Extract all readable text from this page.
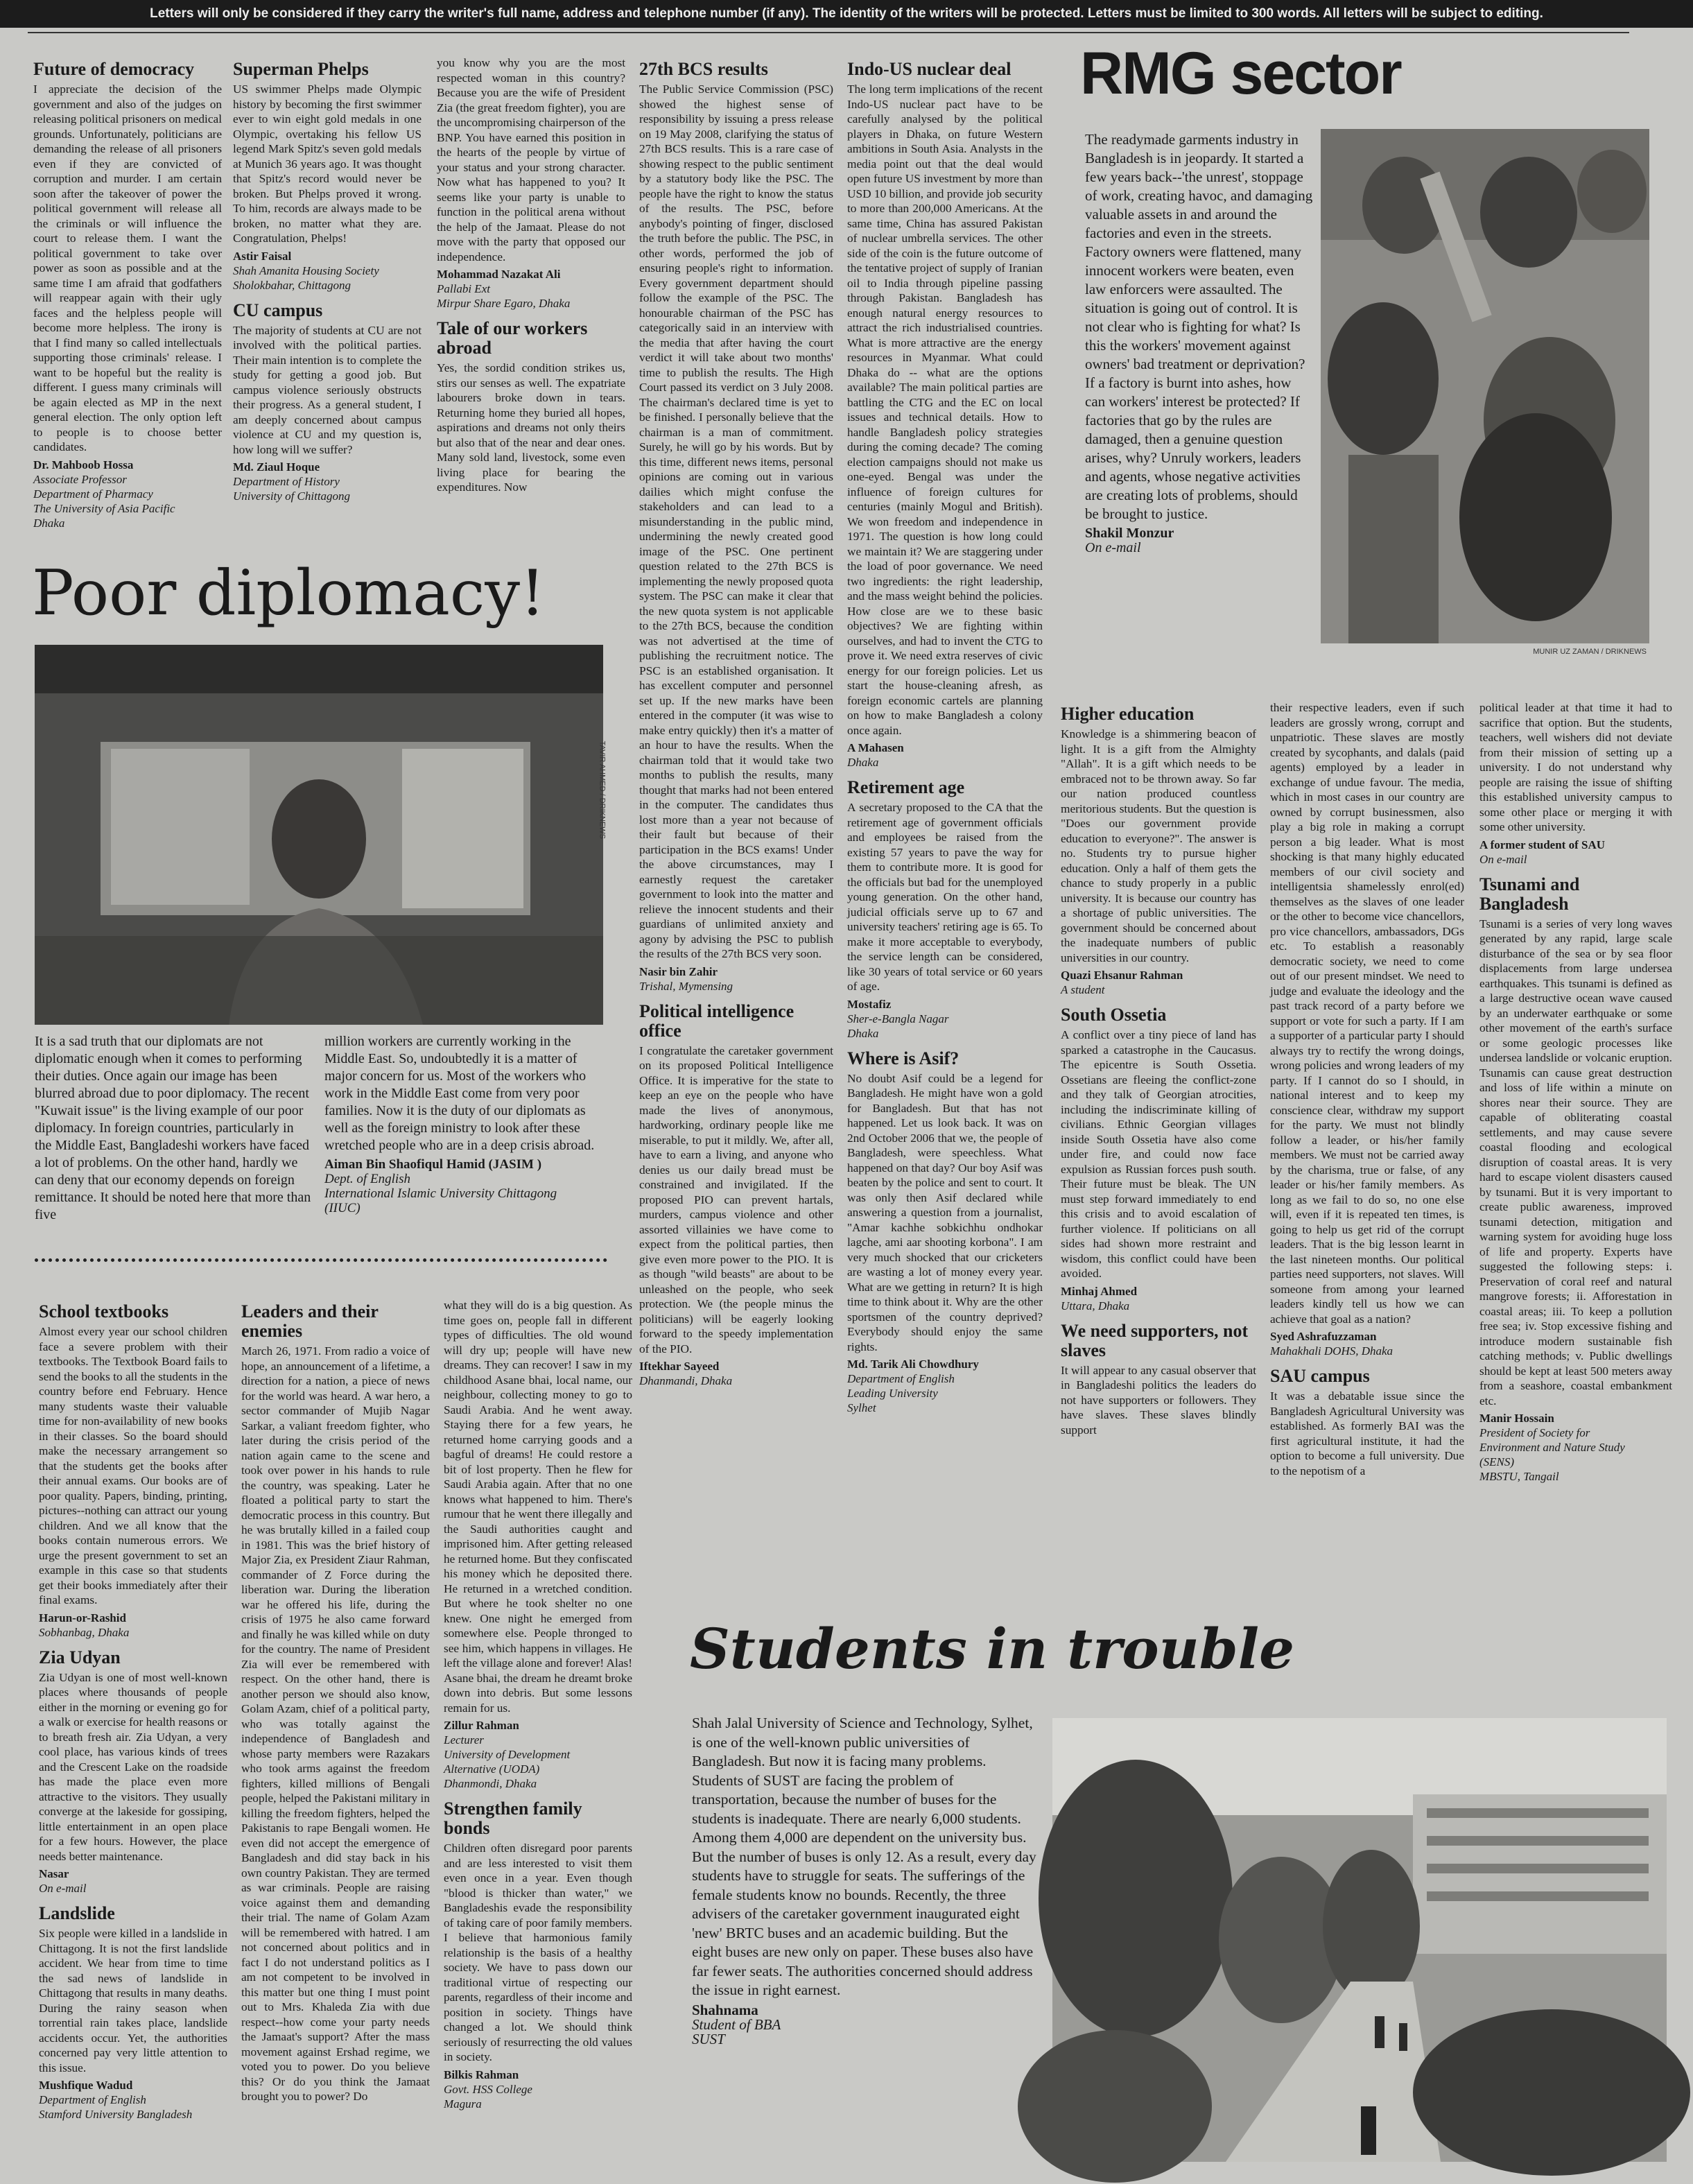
Letters will only be considered if they carry the writer's full name, address and telephone number (if any). The identity of the writers will be protected. Letters must be limited to 300 words. All letters will be subject to editing.
Future of democracy
I appreciate the decision of the government and also of the judges on releasing political prisoners on medical grounds. Unfortunately, politicians are demanding the release of all prisoners even if they are convicted of corruption and murder. I am certain soon after the takeover of power the political government will release all the criminals or will influence the court to release them. I want the political government to take over power as soon as possible and at the same time I am afraid that godfathers will reappear again with their ugly faces and the helpless people will become more helpless. The irony is that I find many so called intellectuals supporting those criminals' release. I want to be hopeful but the reality is different. I guess many criminals will be again elected as MP in the next general election. The only option left to people is to choose better candidates.
Dr. Mahboob Hossa
Associate Professor
Department of Pharmacy
The University of Asia Pacific
Dhaka
Superman Phelps
US swimmer Phelps made Olympic history by becoming the first swimmer ever to win eight gold medals in one Olympic, overtaking his fellow US legend Mark Spitz's seven gold medals at Munich 36 years ago. It was thought that Spitz's record would never be broken. But Phelps proved it wrong. To him, records are always made to be broken, no matter what they are. Congratulation, Phelps!
Astir Faisal
Shah Amanita Housing Society
Sholokbahar, Chittagong
CU campus
The majority of students at CU are not involved with the political parties. Their main intention is to complete the study for getting a good job. But campus violence seriously obstructs their progress. As a general student, I am deeply concerned about campus violence at CU and my question is, how long will we suffer?
Md. Ziaul Hoque
Department of History
University of Chittagong
you know why you are the most respected woman in this country? Because you are the wife of President Zia (the great freedom fighter), you are the uncompromising chairperson of the BNP. You have earned this position in the hearts of the people by virtue of your status and your strong character. Now what has happened to you? It seems like your party is unable to function in the political arena without the help of the Jamaat. Please do not move with the party that opposed our independence.
Mohammad Nazakat Ali
Pallabi Ext
Mirpur Share Egaro, Dhaka
Tale of our workers abroad
Yes, the sordid condition strikes us, stirs our senses as well. The expatriate labourers broke down in tears. Returning home they buried all hopes, aspirations and dreams not only theirs but also that of the near and dear ones. Many sold land, livestock, some even living place for bearing the expenditures. Now
27th BCS results
The Public Service Commission (PSC) showed the highest sense of responsibility by issuing a press release on 19 May 2008, clarifying the status of 27th BCS results. This is a rare case of showing respect to the public sentiment by a statutory body like the PSC. The people have the right to know the status of the results. The PSC, before anybody's pointing of finger, disclosed the truth before the public. The PSC, in other words, performed the job of ensuring people's right to information. Every government department should follow the example of the PSC. The honourable chairman of the PSC has categorically said in an interview with the media that after having the court verdict it will take about two months' time to publish the results. The High Court passed its verdict on 3 July 2008. The chairman's declared time is yet to be finished. I personally believe that the chairman is a man of commitment. Surely, he will go by his words. But by this time, different news items, personal opinions are coming out in various dailies which might confuse the stakeholders and can lead to a misunderstanding in the public mind, undermining the newly created good image of the PSC. One pertinent question related to the 27th BCS is implementing the newly proposed quota system. The PSC can make it clear that the new quota system is not applicable to the 27th BCS, because the condition was not advertised at the time of publishing the recruitment notice. The PSC is an established organisation. It has excellent computer and personnel set up. If the new marks have been entered in the computer (it was wise to make entry quickly) then it's a matter of an hour to have the results. When the chairman told that it would take two months to publish the results, many thought that marks had not been entered in the computer. The candidates thus lost more than a year not because of their fault but because of their participation in the BCS exams! Under the above circumstances, may I earnestly request the caretaker government to look into the matter and relieve the innocent students and their guardians of unlimited anxiety and agony by advising the PSC to publish the results of the 27th BCS very soon.
Nasir bin Zahir
Trishal, Mymensing
Political intelligence office
I congratulate the caretaker government on its proposed Political Intelligence Office. It is imperative for the state to keep an eye on the people who have made the lives of anonymous, hardworking, ordinary people like me miserable, to put it mildly. We, after all, have to earn a living, and anyone who denies us our daily bread must be constrained and invigilated. If the proposed PIO can prevent hartals, murders, campus violence and other assorted villainies we have come to expect from the political parties, then give even more power to the PIO. It is as though "wild beasts" are about to be unleashed on the people, who seek protection. We (the people minus the politicians) will be eagerly looking forward to the speedy implementation of the PIO.
Iftekhar Sayeed
Dhanmandi, Dhaka
Indo-US nuclear deal
The long term implications of the recent Indo-US nuclear pact have to be carefully analysed by the political players in Dhaka, on future Western ambitions in South Asia. Analysts in the media point out that the deal would open future US investment by more than USD 10 billion, and provide job security to more than 200,000 Americans. At the same time, China has assured Pakistan of nuclear umbrella services. The other side of the coin is the future outcome of the tentative project of supply of Iranian oil to India through pipeline passing through Pakistan. Bangladesh has enough natural energy resources to attract the rich industrialised countries. What is more attractive are the energy resources in Myanmar. What could Dhaka do -- what are the options available? The main political parties are battling the CTG and the EC on local issues and technical details. How to handle Bangladesh policy strategies during the coming decade? The coming election campaigns should not make us one-eyed. Bengal was under the influence of foreign cultures for centuries (mainly Mogul and British). We won freedom and independence in 1971. The question is how long could we maintain it? We are staggering under the load of poor governance. We need two ingredients: the right leadership, and the mass weight behind the policies. How close are we to these basic objectives? We are fighting within ourselves, and had to invent the CTG to prove it. We need extra reserves of civic energy for our foreign policies. Let us start the house-cleaning afresh, as foreign economic cartels are planning on how to make Bangladesh a colony once again.
A Mahasen
Dhaka
Retirement age
A secretary proposed to the CA that the retirement age of government officials and employees be raised from the existing 57 years to pave the way for them to contribute more. It is good for the officials but bad for the unemployed young generation. On the other hand, judicial officials serve up to 67 and university teachers' retiring age is 65. To make it more acceptable to everybody, the service length can be considered, like 30 years of total service or 60 years of age.
Mostafiz
Sher-e-Bangla Nagar
Dhaka
Where is Asif?
No doubt Asif could be a legend for Bangladesh. He might have won a gold for Bangladesh. But that has not happened. Let us look back. It was on 2nd October 2006 that we, the people of Bangladesh, were speechless. What happened on that day? Our boy Asif was beaten by the police and sent to court. It was only then Asif declared while answering a question from a journalist, "Amar kachhe sobkichhu ondhokar lagche, ami aar shooting korbona". I am very much shocked that our cricketers are wasting a lot of money every year. What are we getting in return? It is high time to think about it. Why are the other sportsmen of the country deprived? Everybody should enjoy the same rights.
Md. Tarik Ali Chowdhury
Department of English
Leading University
Sylhet
RMG sector
The readymade garments industry in Bangladesh is in jeopardy. It started a few years back--'the unrest', stoppage of work, creating havoc, and damaging valuable assets in and around the factories and even in the streets. Factory owners were flattened, many innocent workers were beaten, even law enforcers were assaulted. The situation is going out of control. It is not clear who is fighting for what? Is this the workers' movement against owners' bad treatment or deprivation? If a factory is burnt into ashes, how can workers' interest be protected? If factories that go by the rules are damaged, then a genuine question arises, why? Unruly workers, leaders and agents, whose negative activities are creating lots of problems, should be brought to justice.
Shakil Monzur
On e-mail
MUNIR UZ ZAMAN / DRIKNEWS
Poor diplomacy!
TAVIR AHMED / DRIKNEWS
It is a sad truth that our diplomats are not diplomatic enough when it comes to performing their duties. Once again our image has been blurred abroad due to poor diplomacy. The recent "Kuwait issue" is the living example of our poor diplomacy. In foreign countries, particularly in the Middle East, Bangladeshi workers have faced a lot of problems. On the other hand, hardly we can deny that our economy depends on foreign remittance. It should be noted here that more than five
million workers are currently working in the Middle East. So, undoubtedly it is a matter of major concern for us. Most of the workers who work in the Middle East come from very poor families. Now it is the duty of our diplomats as well as the foreign ministry to look after these wretched people who are in a deep crisis abroad.
Aiman Bin Shaofiqul Hamid (JASIM )
Dept. of English
International Islamic University Chittagong
(IIUC)
Higher education
Knowledge is a shimmering beacon of light. It is a gift from the Almighty "Allah". It is a gift which needs to be embraced not to be thrown away. So far our nation produced countless meritorious students. But the question is "Does our government provide education to everyone?". The answer is no. Students try to pursue higher education. Only a half of them gets the chance to study properly in a public university. It is because our country has a shortage of public universities. The government should be concerned about the inadequate numbers of public universities in our country.
Quazi Ehsanur Rahman
A student
South Ossetia
A conflict over a tiny piece of land has sparked a catastrophe in the Caucasus. The epicentre is South Ossetia. Ossetians are fleeing the conflict-zone and they talk of Georgian atrocities, including the indiscriminate killing of civilians. Ethnic Georgian villages inside South Ossetia have also come under fire, and could now face expulsion as Russian forces push south. Their future must be bleak. The UN must step forward immediately to end this crisis and to avoid escalation of further violence. If politicians on all sides had shown more restraint and wisdom, this conflict could have been avoided.
Minhaj Ahmed
Uttara, Dhaka
We need supporters, not slaves
It will appear to any casual observer that in Bangladeshi politics the leaders do not have supporters or followers. They have slaves. These slaves blindly support
their respective leaders, even if such leaders are grossly wrong, corrupt and unpatriotic. These slaves are mostly created by sycophants, and dalals (paid agents) employed by a leader in exchange of undue favour. The media, which in most cases in our country are owned by corrupt businessmen, also play a big role in making a corrupt person a big leader. What is most shocking is that many highly educated members of our civil society and intelligentsia shamelessly enrol(ed) themselves as the slaves of one leader or the other to become vice chancellors, pro vice chancellors, ambassadors, DGs etc. To establish a reasonably democratic society, we need to come out of our present mindset. We need to judge and evaluate the ideology and the past track record of a party before we support or vote for such a party. If I am a supporter of a particular party I should always try to rectify the wrong doings, wrong policies and wrong leaders of my party. If I cannot do so I should, in national interest and to keep my conscience clear, withdraw my support for the party. We must not blindly follow a leader, or his/her family members. We must not be carried away by the charisma, true or false, of any leader or his/her family members. As long as we fail to do so, no one else will, even if it is repeated ten times, is going to help us get rid of the corrupt leaders. That is the big lesson learnt in the last nineteen months. Our political parties need supporters, not slaves. Will someone from among your learned leaders kindly tell us how we can achieve that goal as a nation?
Syed Ashrafuzzaman
Mahakhali DOHS, Dhaka
SAU campus
It was a debatable issue since the Bangladesh Agricultural University was established. As formerly BAI was the first agricultural institute, it had the option to become a full university. Due to the nepotism of a
political leader at that time it had to sacrifice that option. But the students, teachers, well wishers did not deviate from their mission of setting up a university. I do not understand why people are raising the issue of shifting this established university campus to some other place or merging it with some other university.
A former student of SAU
On e-mail
Tsunami and Bangladesh
Tsunami is a series of very long waves generated by any rapid, large scale disturbance of the sea or by sea floor displacements from large undersea earthquakes. This tsunami is defined as a large destructive ocean wave caused by an underwater earthquake or some other movement of the earth's surface or some geologic processes like undersea landslide or volcanic eruption. Tsunamis can cause great destruction and loss of life within a minute on shores near their source. They are capable of obliterating coastal settlements, and may cause severe coastal flooding and ecological disruption of coastal areas. It is very hard to escape violent disasters caused by tsunami. But it is very important to create public awareness, improved tsunami detection, mitigation and warning system for avoiding huge loss of life and property. Experts have suggested the following steps: i. Preservation of coral reef and natural mangrove forests; ii. Afforestation in coastal areas; iii. To keep a pollution free sea; iv. Stop excessive fishing and introduce modern sustainable fish catching methods; v. Public dwellings should be kept at least 500 meters away from a seashore, coastal embankment etc.
Manir Hossain
President of Society for
Environment and Nature Study
(SENS)
MBSTU, Tangail
School textbooks
Almost every year our school children face a severe problem with their textbooks. The Textbook Board fails to send the books to all the students in the country before end February. Hence many students waste their valuable time for non-availability of new books in their classes. So the board should make the necessary arrangement so that the students get the books after their annual exams. Our books are of poor quality. Papers, binding, printing, pictures--nothing can attract our young children. And we all know that the books contain numerous errors. We urge the present government to set an example in this case so that students get their books immediately after their final exams.
Harun-or-Rashid
Sobhanbag, Dhaka
Zia Udyan
Zia Udyan is one of most well-known places where thousands of people either in the morning or evening go for a walk or exercise for health reasons or to breath fresh air. Zia Udyan, a very cool place, has various kinds of trees and the Crescent Lake on the roadside has made the place even more attractive to the visitors. They usually converge at the lakeside for gossiping, little entertainment in an open place for a few hours. However, the place needs better maintenance.
Nasar
On e-mail
Landslide
Six people were killed in a landslide in Chittagong. It is not the first landslide accident. We hear from time to time the sad news of landslide in Chittagong that results in many deaths. During the rainy season when torrential rain takes place, landslide accidents occur. Yet, the authorities concerned pay very little attention to this issue.
Mushfique Wadud
Department of English
Stamford University Bangladesh
Leaders and their enemies
March 26, 1971. From radio a voice of hope, an announcement of a lifetime, a direction for a nation, a piece of news for the world was heard. A war hero, a sector commander of Mujib Nagar Sarkar, a valiant freedom fighter, who later during the crisis period of the nation again came to the scene and took over power in his hands to rule the country, was speaking. Later he floated a political party to start the democratic process in this country. But he was brutally killed in a failed coup in 1981. This was the brief history of Major Zia, ex President Ziaur Rahman, commander of Z Force during the liberation war. During the liberation war he offered his life, during the crisis of 1975 he also came forward and finally he was killed while on duty for the country. The name of President Zia will ever be remembered with respect. On the other hand, there is another person we should also know, Golam Azam, chief of a political party, who was totally against the independence of Bangladesh and whose party members were Razakars who took arms against the freedom fighters, killed millions of Bengali people, helped the Pakistani military in killing the freedom fighters, helped the Pakistanis to rape Bengali women. He even did not accept the emergence of Bangladesh and did stay back in his own country Pakistan. They are termed as war criminals. People are raising voice against them and demanding their trial. The name of Golam Azam will be remembered with hatred. I am not concerned about politics and in fact I do not understand politics as I am not competent to be involved in this matter but one thing I must point out to Mrs. Khaleda Zia with due respect--how come your party needs the Jamaat's support? After the mass movement against Ershad regime, we voted you to power. Do you believe this? Or do you think the Jamaat brought you to power? Do
what they will do is a big question. As time goes on, people fall in different types of difficulties. The old wound will dry up; people will have new dreams. They can recover! I saw in my childhood Asane bhai, local name, our neighbour, collecting money to go to Saudi Arabia. And he went away. Staying there for a few years, he returned home carrying goods and a bagful of dreams! He could restore a bit of lost property. Then he flew for Saudi Arabia again. After that no one knows what happened to him. There's rumour that he went there illegally and the Saudi authorities caught and imprisoned him. After getting released he returned home. But they confiscated his money which he deposited there. He returned in a wretched condition. But where he took shelter no one knew. One night he emerged from somewhere else. People thronged to see him, which happens in villages. He left the village alone and forever! Alas! Asane bhai, the dream he dreamt broke down into debris. But some lessons remain for us.
Zillur Rahman
Lecturer
University of Development
Alternative (UODA)
Dhanmondi, Dhaka
Strengthen family bonds
Children often disregard poor parents and are less interested to visit them even once in a year. Even though "blood is thicker than water," we Bangladeshis evade the responsibility of taking care of poor family members. I believe that harmonious family relationship is the basis of a healthy society. We have to pass down our traditional virtue of respecting our parents, regardless of their income and position in society. Things have changed a lot. We should think seriously of resurrecting the old values in society.
Bilkis Rahman
Govt. HSS College
Magura
Students in trouble
Shah Jalal University of Science and Technology, Sylhet, is one of the well-known public universities of Bangladesh. But now it is facing many problems. Students of SUST are facing the problem of transportation, because the number of buses for the students is inadequate. There are nearly 6,000 students. Among them 4,000 are dependent on the university bus. But the number of buses is only 12. As a result, every day students have to struggle for seats. The sufferings of the female students know no bounds. Recently, the three advisers of the caretaker government inaugurated eight 'new' BRTC buses and an academic building. But the eight buses are new only on paper. These buses also have far fewer seats. The authorities concerned should address the issue in right earnest.
Shahnama
Student of BBA
SUST
